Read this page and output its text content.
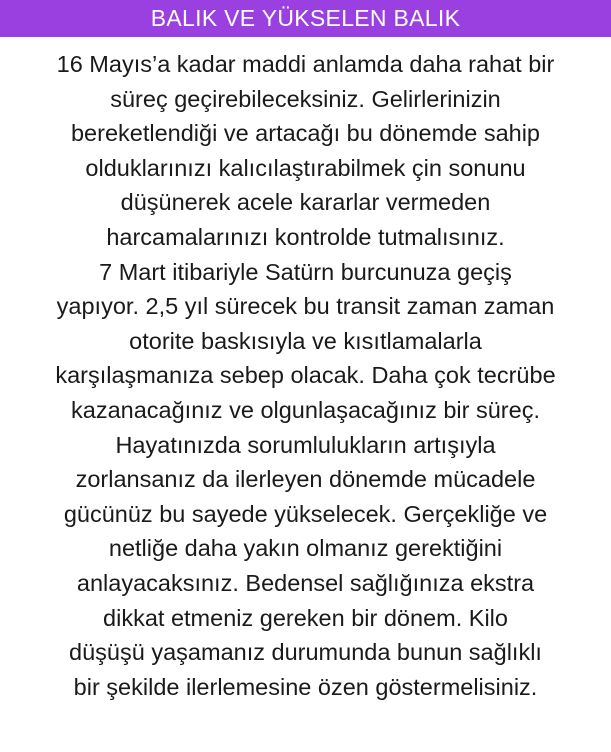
BALIK VE YÜKSELEN BALIK
16 Mayıs’a kadar maddi anlamda daha rahat bir
süreç geçirebileceksiniz. Gelirlerinizin
bereketlendiği ve artacağı bu dönemde sahip
olduklarınızı kalıcılaştırabilmek çin sonunu
düşünerek acele kararlar vermeden
harcamalarınızı kontrolde tutmalısınız.
7 Mart itibariyle Satürn burcunuza geçiş
yapıyor. 2,5 yıl sürecek bu transit zaman zaman
otorite baskısıyla ve kısıtlamalarla
karşılaşmanıza sebep olacak. Daha çok tecrübe
kazanacağınız ve olgunlaşacağınız bir süreç.
Hayatınızda sorumlulukların artışıyla
zorlansanız da ilerleyen dönemde mücadele
gücünüz bu sayede yükselecek. Gerçekliğe ve
netliğe daha yakın olmanız gerektiğini
anlayacaksınız. Bedensel sağlığınıza ekstra
dikkat etmeniz gereken bir dönem. Kilo
düşüşü yaşamanız durumunda bunun sağlıklı
bir şekilde ilerlemesine özen göstermelisiniz.
